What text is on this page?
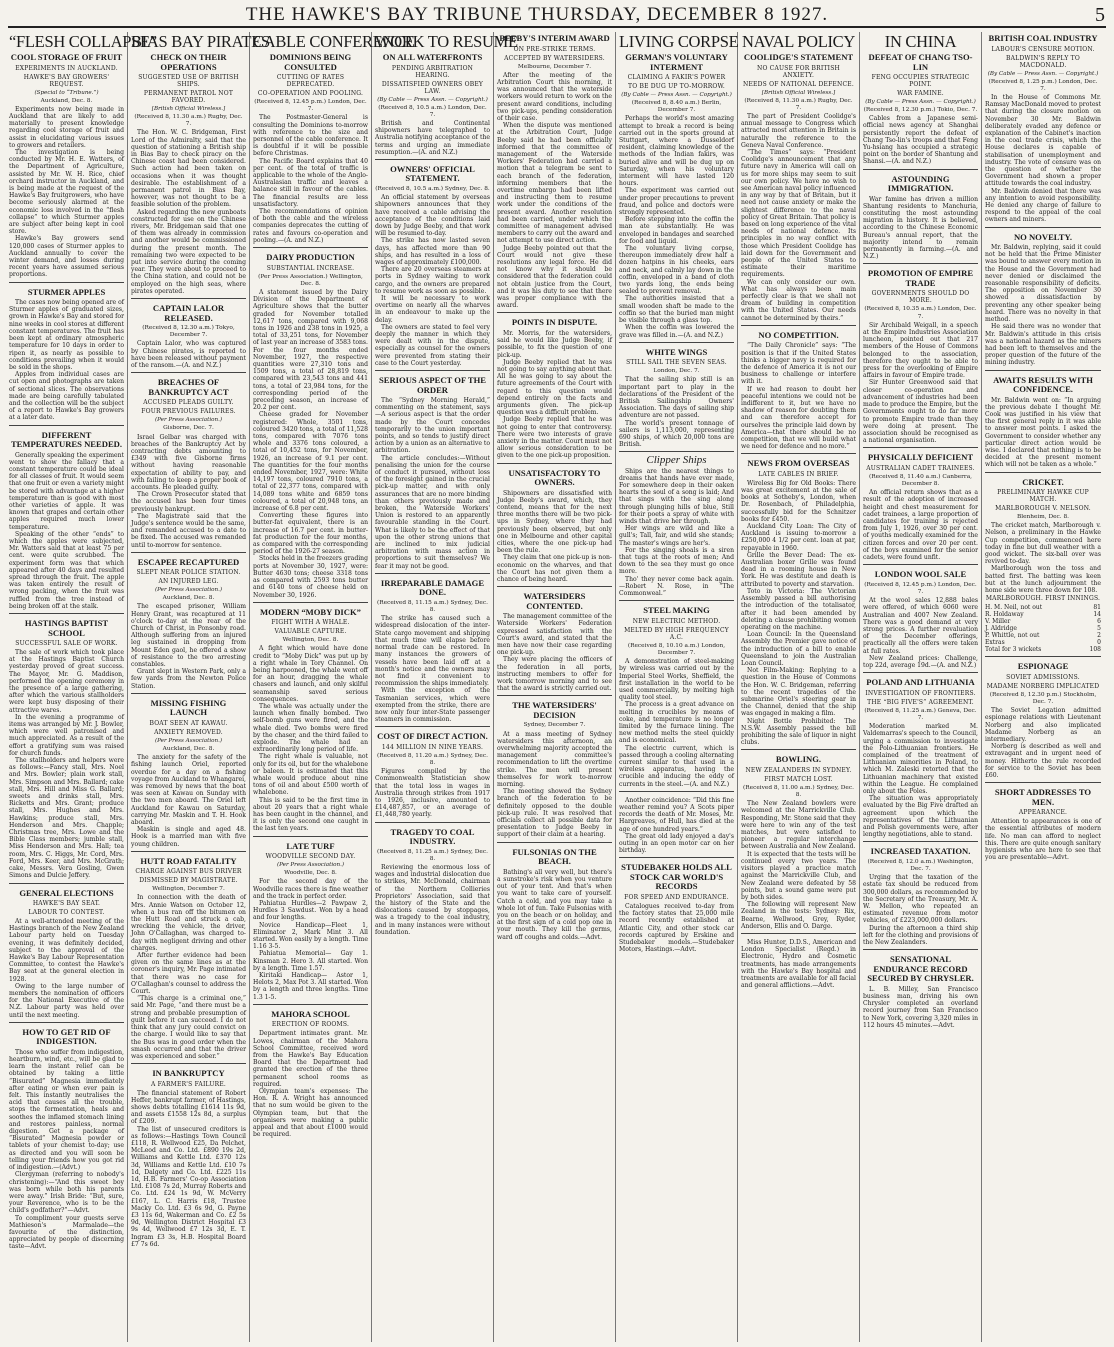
THE HAWKE'S BAY TRIBUNE THURSDAY, DECEMBER 8 1927.	5
“FLESH COLLAPSE”
COOL STORAGE OF FRUIT
EXPERIMENTS IN AUCKLAND.
HAWKE'S BAY GROWERS' REQUEST.
(Special to “Tribune.”)
Auckland, Dec. 8.

Experiments now being made in Auckland that are likely to add materially to present knowledge regarding cool storage of fruit and assist in elucidating various issues to growers and retailers.

The investigation is being conducted by Mr. H. E. Watters, of the Department of Agriculture, assisted by Mr. W. H. Rice, chief orchard instructor in Auckland, and is being made at the request of the Hawke's Bay fruitgrowers, who have become seriously alarmed at the economic loss involved in the “flesh collapse” to which Sturmer apples are subject after being kept in cool store.

Hawke's Bay growers send 120,000 cases of Sturmer apples to Auckland annually to cover the winter demand, and losses during recent years have assumed serious proportions.

STURMER APPLES

The cases now being opened are of Sturmer apples of graduated sizes, grown in Hawke's Bay and stored for nine weeks in cool stores at different constant temperatures. The fruit has been kept at ordinary atmospheric temperature for 10 days in order to ripen it, as nearly as possible to conditions prevailing when it would be sold in the shops.

Apples from individual cases are cut open and photographs are taken of sectional slices. The observations made are being carefully tabulated and the collection will be the subject of a report to Hawke's Bay growers at a later date.

DIFFERENT TEMPERATURES NEEDED.

Generally speaking the experiment went to show the fallacy that a constant temperature could be ideal for all classes of fruit. It would seem that one fruit or even a variety might be stored with advantage at a higher temperature than is good with most other varieties of apple. It was known that grapes and certain other apples required much lower temperature.

Speaking of the other “ends” to which the apples were subjected, Mr. Watters said that at least 75 per cent. were quite scrubbed. The experiment form was that which appeared after 40 days and resulted spread through the fruit. The apple was taken entirely the result of wrong packing, when the fruit was ruffled from the tree instead of being broken off at the stalk.

HASTINGS BAPTIST SCHOOL
SUCCESSFUL SALE OF WORK.

The sale of work which took place at the Hastings Baptist Church yesterday proved of great success. The Mayor, Mr. G. Maddison, performed the opening ceremony in the presence of a large gathering, after which the various stallholders were kept busy disposing of their attractive wares.

In the evening a programme of items was arranged by Mr. J. Bowler, which were well patronised and much appreciated. As a result of the effort a gratifying sum was raised for church funds.

The stallholders and helpers were as follows:—Fancy stall, Mrs. Noel and Mrs. Bowler; plain work stall, Mrs. Simpson and Mrs. Ballard; cake stall, Mrs. Hill and Miss G. Ballard; sweets and drinks stall, Mrs. Ricketts and Mrs. Grant; produce stall, Mrs. Hughes and Mrs. Hawkins; produce stall, Mrs. Henderson and Mrs. Chapple; Christmas tree, Mrs. Lowe and the Bible Class members; jumble stall, Miss Henderson and Mrs. Hall; tea room, Mrs. C. Higgs, Mr. Cord, Mrs. Ford, Mrs. Keer, and Mrs. McGrath; cake, Messrs. Vera Gosling, Gwen Simons and Dulcie Jeffery.

GENERAL ELECTIONS
HAWKE'S BAY SEAT.
LABOUR TO CONTEST.

At a well-attended meeting of the Hastings branch of the New Zealand Labour party held on Tuesday evening, it was definitely decided, subject to the approval of the Hawke's Bay Labour Representation Committee, to contest the Hawke's Bay seat at the general election in 1928.

Owing to the large number of members the nomination of officers for the National Executive of the N.Z. Labour party was held over until the next meeting.

HOW TO GET RID OF INDIGESTION.

Those who suffer from indigestion, heartburn, wind, etc., will be glad to learn the instant relief can be obtained by taking a little “Bisurated” Magnesia immediately after eating or when ever pain is felt. This instantly neutralises the acid that causes all the trouble, stops the fermentation, heals and soothes the inflamed stomach lining and restores painless, normal digestion. Get a package of “Bisurated” Magnesia powder or tablets of your chemist to-day; use as directed and you will soon be telling your friends how you got rid of indigestion.—(Advt.)

Clergyman (referring to nobody's christening):—“And this sweet boy was born while both his parents were away.” Irish Bride: “But, sure, your Reverence, who is to be the child's godfather?”—Advt.

To compliment your guests serve Mathieson's Marmalade—the favourite of the distinction, appreciated by people of discerning taste—Advt.

BIAS BAY PIRATES
CHECK ON THEIR OPERATIONS
SUGGESTED USE OF BRITISH SHIPS.
PERMANENT PATROL NOT FAVORED.
[British Official Wireless.]
(Received 8, 11.30 a.m.) Rugby, Dec. 7.

The Hon. W. C. Bridgeman, First Lord of the Admiralty, said that the question of stationing a British ship in Bias Bay to check piracy on the Chinese coast had been considered. Such action had been taken on occasions when it was thought desirable. The establishment of a permanent patrol in Bias Bay, however, was not thought to be a feasible solution of the problem.

Asked regarding the new gunboats constructed for use on the Chinese rivers, Mr. Bridgeman said that one of them was already in commission and another would be commissioned during the present month. The remaining two were expected to be put into service during the coming year. They were about to proceed to the China station, and could not be employed on the high seas, where pirates operated.

CAPTAIN LALOR RELEASED.
(Received 8, 12.30 a.m.) Tokyo, December 7.

Captain Lalor, who was captured by Chinese pirates, is reported to have been released without payment of the ransom.—(A. and N.Z.)

BREACHES OF BANKRUPTCY ACT
ACCUSED PLEADS GUILTY.
FOUR PREVIOUS FAILURES.
(Per Press Association.)
Gisborne, Dec. 7.

Israel Gelbar was charged with breaches of the Bankruptcy Act by contracting debts amounting to £349 with five Gisborne firms without having reasonable expectation of ability to pay, and with failing to keep a proper book of accounts. He pleaded guilty.

The Crown Prosecutor stated that the accused has been four times previously bankrupt.

The Magistrate said that the Judge's sentence would be the same, and remanded accused to a date to be fixed. The accused was remanded until to-morrow for sentence.

ESCAPEE RECAPTURED
SLEPT NEAR POLICE STATION.
AN INJURED LEG.
(Per Press Association.)
Auckland, Dec. 8.

The escaped prisoner, William Henry Grant, was recaptured at 11 o'clock to-day at the rear of the Church of Christ, in Ponsonby road. Although suffering from an injured leg sustained in dropping from Mount Eden gaol, he offered a show of resistance to the two arresting constables.

Grant slept in Western Park, only a few yards from the Newton Police Station.

MISSING FISHING LAUNCH
BOAT SEEN AT KAWAU.
ANXIETY REMOVED.
(Per Press Association.)
Auckland, Dec. 8.

The anxiety for the safety of the fishing launch Oriel, reported overdue for a day on a fishing voyage from Auckland to Whangarei, was removed by news that the boat was seen at Kawau on Sunday with the two men aboard. The Oriel left Auckland for Kawau on Saturday, carrying Mr. Maskin and T. H. Hook aboard.

Maskin is single and aged 48. Hook is a married man with five young children.

HUTT ROAD FATALITY
CHARGE AGAINST BUS DRIVER
DISMISSED BY MAGISTRATE.
Wellington, December 7.

In connection with the death of Mrs. Annie Watson on October 12, when a bus ran off the bitumen on the Hutt Road and struck a cab, wrecking the vehicle, the driver, John O'Callaghan, was charged to-day with negligent driving and other charges.

After further evidence had been given on the same lines as at the coroner's inquiry, Mr. Page intimated that there was no case for O'Callaghan's counsel to address the Court.

“This charge is a criminal one,” said Mr. Page, “and there must be a strong and probable presumption of guilt before it can succeed. I do not think that any jury could convict on the charge. I would like to say that the Bus was in good order when the smash occurred and that the driver was experienced and sober.”

IN BANKRUPTCY
A FARMER'S FAILURE.

The financial statement of Robert Heffer, bankrupt farmer, of Hastings, shows debts totalling £1614 11s 9d, and assets £1558 12s 8d, a surplus of £209.

The list of unsecured creditors is as follows:—Hastings Town Council £118, R. Wellwood £25, Da Pelchet, McLeod and Co. Ltd. £890 19s 2d, Williams and Kettle Ltd. £370 12s 3d, Williams and Kettle Ltd. £10 7s 1d, Dalgety and Co. Ltd. £225 11s 1d, H.B. Farmers' Co-op Association Ltd. £108 7s 2d, Murray Roberts and Co. Ltd. £24 1s 9d, W. McVerry £167, L. C. Harris £18, Trustee Macky Co. Ltd. £3 6s 9d, G. Payne £3 11s 6d, Wakerman and Co. £2 5s 9d, Wellington District Hospital £3 9s 4d, Wellwood £7 12s 3d, E. T. Ingram £3 3s, H.B. Hospital Board £7 7s 6d.

CABLE CONFERENCE
DOMINIONS BEING CONSULTED
CUTTING OF RATES DEPRECATED.
CO-OPERATION AND POOLING.
(Received 8, 12.45 p.m.) London, Dec. 7.

The Postmaster-General is consulting the Dominions to-morrow with reference to the size and personnel of the cable conference. It is doubtful if it will be possible before Christmas.

The Pacific Board explains that 40 per cent. of the total of traffic is applicable to the whole of the Anglo-Australasian traffic and leaves a balance still in favour of the cables. The financial results are less unsatisfactory.

The recommendations of opinion of both the cable and the wireless companies deprecates the cutting of rates and favours co-operation and pooling.—(A. and N.Z.)

DAIRY PRODUCTION
SUBSTANTIAL INCREASE.
(Per Press Association.) Wellington, Dec. 8.

A statement issued by the Dairy Division of the Department of Agriculture shows that the butter graded for November totalled 12,617 tons, compared with 9,068 tons in 1926 and 238 tons in 1925, a total of 33,251 tons, for November of last year an increase of 3583 tons. For the four months ended November, 1927, the respective quantities were 27,310 tons and 1509 tons, a total of 28,819 tons, compared with 23,543 tons and 441 tons, a total of 23,984 tons, for the corresponding period of the preceding season, an increase of 20.2 per cent.

Cheese graded for November registered: Whole, 3501 tons, coloured 3420 tons, a total of 11,528 tons, compared with 7076 tons whole and 3376 tons coloured, a total of 10,452 tons, for November, 1926, an increase of 9.1 per cent. The quantities for the four months ended November, 1927, were: White 14,197 tons, coloured 7910 tons, a total of 22,377 tons, compared with 14,089 tons white and 6859 tons coloured, a total of 20,948 tons, an increase of 6.8 per cent.

Converting these figures into butter-fat equivalent, there is an increase of 16.7 per cent. in butter-fat production for the four months, as compared with the corresponding period of the 1926-27 season.

Stocks held in the freezers grading ports at November 30, 1927, were: Butter 4630 tons; cheese 3318 tons as compared with 2593 tons butter and 6140 tons of cheese held on November 30, 1926.

MODERN “MOBY DICK”
FIGHT WITH A WHALE.
VALUABLE CAPTURE.
Wellington, Dec. 8.

A fight which would have done credit to “Moby Dick” was put up by a right whale in Tory Channel. On being harpooned, the whale went off for an hour, dragging the whale chasers and launch, and only skilful seamanship saved serious consequences.

The whale was actually under the launch when finally bombed. Two self-bomb guns were fired, and the whale died. Two bombs were fired by the chaser, and the third failed to explode. The whale had an extraordinarily long period of life.

The right whale is valuable, not only for its oil, but for the whalebone or baleen. It is estimated that this whale would produce about nine tons of oil and about £500 worth of whalebone.

This is said to be the first time in about 20 years that a right whale has been caught in the channel, and it is only the second one caught in the last ten years.

LATE TURF
WOODVILLE SECOND DAY.
(Per Press Association.)
Woodville, Dec. 8.

For the second day of the Woodville races there is fine weather and the track in perfect order.

Pahiatua Hurdles—2 Pawpaw 2, Hurdles 3 Sawdust. Won by a head and four lengths.

Novice Handicap—Fleet 1, Eliminator 2, Mark Mint 3. All started. Won easily by a length. Time 1.16 3-5.

Pahiatua Memorial— Gay 1. Kinsman 2. Hero 3. All started. Won by a length. Time 1.57.

Kiritaki Handicap— Astor 1, Helots 2, Max Pot 3. All started. Won by a length and three lengths. Time 1.3 1-5.

MAHORA SCHOOL
ERECTION OF ROOMS.

Department intimates grant. Mr. Lowes, chairman of the Mahora School Committee, received word from the Hawke's Bay Education Board that the Department had granted the erection of the three permanent school rooms as required.

Olympian team's expenses: The Hon. R. A. Wright has announced that no sum would be given to the Olympian team, but that the organisers were making a public appeal and that about £1000 would be required.

WORK TO RESUME
ON ALL WATERFRONTS
PENDING ARBITRATION HEARING.
DISSATISFIED OWNERS OBEY LAW.
(By Cable — Press Assn. — Copyright.)
(Received 8, 10.5 a.m.) London, Dec. 7.

British and Continental shipowners have telegraphed to Australia notifying acceptance of the terms and urging an immediate resumption.—(A. and N.Z.)

OWNERS' OFFICIAL STATEMENT.
(Received 8, 10.5 a.m.) Sydney, Dec. 8.

An official statement by overseas shipowners announces that they have received a cable advising the acceptance of the conditions laid down by Judge Beeby, and that work will be resumed to-day.

The strike has now lasted seven days, has affected more than 90 ships, and has resulted in a loss of wages of approximately £100,000.

There are 20 overseas steamers at ports in Sydney waiting to work cargo, and the owners are prepared to resume work as soon as possible.

It will be necessary to work overtime on nearly all the wharves in an endeavour to make up the delay.

The owners are stated to feel very deeply the manner in which they were dealt with in the dispute, especially as counsel for the owners were prevented from stating their case to the Court yesterday.

SERIOUS ASPECT OF THE ORDER

The “Sydney Morning Herald,” commenting on the statement, says—A serious aspect is that the order made by the Court concedes temporarily to the union important points, and so tends to justify direct action by a union as an alternative to arbitration.

The article concludes:—Without penalising the union for the course of conduct it pursued, without loss of the foresight gained in the crucial pick-up matter, and with only assurances that are no more binding than others previously made and broken, the Waterside Workers' Union is restored to an apparently favourable standing in the Court. What is likely to be the effect of that upon the other strong unions that are inclined to mix judicial arbitration with mass action in proportions to suit themselves? We fear it may not be good.

IRREPARABLE DAMAGE DONE.
(Received 8, 11.15 a.m.) Sydney, Dec. 8.

The strike has caused such a widespread dislocation of the inter-State cargo movement and shipping that much time will elapse before normal trade can be restored. In many instances the growers of vessels have been laid off at a month's notice and the owners may not find it convenient to recommission the ships immediately.

With the exception of the Tasmanian services, which were exempted from the strike, there are now only four inter-State passenger steamers in commission.

COST OF DIRECT ACTION.
144 MILLION IN NINE YEARS.
(Received 8, 11.20 a.m.) Sydney, Dec. 8.

Figures compiled by the Commonwealth Statistician show that the total loss in wages in Australia through strikes from 1917 to 1926, inclusive, amounted to £14,487,857, or an average of £1,448,780 yearly.

TRAGEDY TO COAL INDUSTRY.
(Received 8, 11.25 a.m.) Sydney, Dec. 8.

Reviewing the enormous loss of wages and industrial dislocation due to strikes, Mr. McDonald, chairman of the Northern Collieries Proprietors' Association, said that the history of the State and the dislocations caused by stoppages, was a tragedy to the coal industry, and in many instances were without foundation.

BEEBY'S INTERIM AWARD
ON PRE-STRIKE TERMS.
ACCEPTED BY WATERSIDERS.
Melbourne, December 7.

After the meeting of the Arbitration Court this morning, it was announced that the waterside workers would return to work on the present award conditions, including two pick-ups, pending consideration of their case.

When the dispute was mentioned at the Arbitration Court, Judge Beeby said he had been officially informed that the committee of management of the Waterside Workers' Federation had carried a motion that a telegram be sent to each branch of the federation, informing members that the overtime embargo had been lifted and instructing them to resume work under the conditions of the present award. Another resolution had been carried, under which the committee of management advised members to carry out the award and not attempt to use direct action.

Judge Beeby pointed out that the Court would not give these resolutions any legal force. He did not know why it should be considered that the federation could not obtain justice from the Court, and it was his duty to see that there was proper compliance with the award.

POINTS IN DISPUTE.

Mr. Morris, for the watersiders, said he would like Judge Beeby, if possible, to fix the question of one pick-up.

Judge Beeby replied that he was not going to say anything about that. All he was going to say about the future agreements of the Court with regard to this question would depend entirely on the facts and arguments given. The pick-up question was a difficult problem.

Judge Beeby replied that he was not going to enter that controversy. There were two interests of grave anxiety in the matter. Court must not allow serious consideration to be given to the one pick-up proposition.

UNSATISFACTORY TO OWNERS.

Shipowners are dissatisfied with Judge Beeby's award, which, they contend, means that for the next three months there will be two pick-ups in Sydney, where they had previously been observed, but only one in Melbourne and other capital cities, where the one pick-up had been the rule.

They claim that one pick-up is non-economic on the wharves, and that the Court has not given them a chance of being heard.

WATERSIDERS CONTENTED.

The management committee of the Waterside Workers' Federation expressed satisfaction with the Court's award, and stated that the men have now their case regarding one pick-up.

They were placing the officers of the federation in all ports, instructing members to offer for work tomorrow morning and to see that the award is strictly carried out.

THE WATERSIDERS' DECISION
Sydney, December 7.

At a mass meeting of Sydney watersiders this afternoon, an overwhelming majority accepted the management committee's recommendation to lift the overtime strike. The men will present themselves for work to-morrow morning.

The meeting showed the Sydney branch of the federation to be definitely opposed to the double pick-up rule. It was resolved that officials collect all possible data for presentation to Judge Beeby in support of their claim at a hearing.

FULSONIAS ON THE BEACH.

Bathing's all very well, but there's a sunstroke's risk when you venture out of your tent. And that's when you want to take care of yourself. Catch a cold, and you may take a whole lot of fun. Take Fulsonias with you on the beach or on holiday, and at the first sign of a cold pop one in your mouth. They kill the germs, ward off coughs and colds.—Advt.

LIVING CORPSE
GERMAN'S VOLUNTARY INTERMENT
CLAIMING A FAKIR'S POWER
TO BE DUG UP TO-MORROW.
(By Cable — Press Assn. — Copyright.)
(Received 8, 8.40 a.m.) Berlin, December 7.

Perhaps the world's most amazing attempt to break a record is being carried out in the sports ground at Stuttgart, where a Dusseldorf resident, claiming knowledge of the methods of the Indian fakirs, was buried alive and will be dug up on Saturday, when his voluntary interment will have lasted 120 hours.

The experiment was carried out under proper precautions to prevent fraud, and police and doctors were strongly represented.

Before stepping into the coffin the man ate substantially. He was enveloped in bandages and searched for food and liquid.

The voluntary living corpse, thereupon immediately drew half a dozen hatpins in his cheeks, ears and neck, and calmly lay down in the coffin, enveloped in a band of cloth two yards long, the ends being sealed to prevent removal.

The authorities insisted that a small wooden shaft be made to the coffin so that the buried man might be visible through a glass top.

When the coffin was lowered the grave was filled in.—(A. and N.Z.)

WHITE WINGS
STILL SAIL THE SEVEN SEAS.
London, Dec. 7.

That the sailing ship still is an important part to play in the declarations of the President of the British Sailingship Owners' Association. The days of sailing ship adventure are not passed.

The world's present tonnage of sailers is 1,113,000, representing 690 ships, of which 20,000 tons are British.

Clipper Ships

Ships are the nearest things to dreams that hands have ever made, For somewhere deep in their oaken hearts the soul of a song is laid; And that sings with the sing along through plunging hills of blue, Still for their poets a spray of white with winds that drive her through.

Her wings are wild and like a gull's; Tall, fair, and wild she stands; The master's wings are her's.

For the singing shoals is a siren that tugs at the roots of men; And down to the sea they must go once more.

Tho' they never come back again. —Robert N. Rose, in “The Commonweal.”

STEEL MAKING
NEW ELECTRIC METHOD.
MELTED BY HIGH FREQUENCY A.C.
(Received 8, 10.10 a.m.) London, December 7.

A demonstration of steel-making by wireless was carried out by the Imperial Steel Works, Sheffield, the first installation in the world to be used commercially, by melting high quality tool steel.

The process is a great advance on melting in crucibles by means of coke, and temperature is no longer limited by the furnace lining. The new method melts the steel quickly and is economical.

The electric current, which is passed through a cooling alternating current similar to that used in a wireless apparatus, having the crucible and inducing the eddy of currents in the steel.—(A. and N.Z.)

Another coincidence: “Did this fine weather remind you? A Scots piper records the death of Mr. Moses, Mr. Hargreaves, of Hull, has died at the age of one hundred years.”

The great old lady enjoyed a day's outing in an open motor car on her birthday.

STUDEBAKER HOLDS ALL STOCK CAR WORLD'S RECORDS
FOR SPEED AND ENDURANCE.

Catalogues received to-day from the factory states that 25,000 mile record recently established at Atlantic City, and other stock car records captured by Erskine and Studebaker models.—Studebaker Motors, Hastings.—Advt.

NAVAL POLICY
COOLIDGE'S STATEMENT
NO CAUSE FOR BRITISH ANXIETY.
NEEDS OF NATIONAL DEFENCE.
[British Official Wireless.]
(Received 8, 11.30 a.m.) Rugby, Dec. 7.

The part of President Coolidge's annual message to Congress which attracted most attention in Britain is naturally the reference to the Geneva Naval Conference.

“The Times” says: “President Coolidge's announcement that any future navy in America will call on us for more ships may seem to suit our own policy. We have no wish to see American naval policy influenced in any way by that of Britain, but it need not cause anxiety or make the slightest difference to the naval policy of Great Britain. That policy is based on long experience of the vital needs of national defence. Its principles in no way conflict with those which President Coolidge has laid down for the Government and people of the United States to estimate their maritime requirements.

We can only consider our own. What has always been main perfectly clear is that we shall not dream of building in competition with the United States. Our needs cannot be determined by theirs.”

NO COMPETITION.

“The Daily Chronicle” says: “The position is that if the United States thinks a bigger navy is required for the defence of America it is not our business to challenge or interfere with it.

If we had reason to doubt her peaceful intentions we could not be indifferent to it, but we have no shadow of reason for doubting them and can therefore accept for ourselves the principle laid down by America—that there should be no competition, that we will build what we need for defence and no more.”

NEWS FROM OVERSEAS
LATE CABLES IN BRIEF.

Wireless Big for Old Books: There was great excitement at the sale of books at Sotheby's, London, when Dr. Rosenbach, of Philadelphia, successfully bid for the Schnitzer books for £450.

Auckland City Loan: The City of Auckland is issuing to-morrow a £250,000 4 1/2 per cent. loan at par, repayable in 1960.

Grille the Bever Dead: The ex-Australian boxer Grille was found dead in a rooming house in New York. He was destitute and death is attributed to poverty and starvation.

Toto in Victoria: The Victorian Assembly passed a bill authorising the introduction of the totalisator, after it had been amended by deleting a clause prohibiting women operating on the machine.

Loan Council: In the Queensland Assembly the Premier gave notice of the introduction of a bill to enable Queensland to join the Australian Loan Council.

Not Film-Making: Replying to a question in the House of Commons the Hon. W. C. Bridgeman, referring to the recent tragedies of the submarine Oriel's steering gear in the Channel, denied that the ship was engaged in making a film.

Night Bottle Prohibited: The N.S.W. Assembly passed the bill prohibiting the sale of liquor in night clubs.

BOWLING.
NEW ZEALANDERS IN SYDNEY.
FIRST MATCH LOST.
(Received 8, 11.00 a.m.) Sydney, Dec. 8.

The New Zealand bowlers were welcomed at the Marrickville Club. Responding, Mr. Stone said that they were here to win any of the test matches, but were satisfied to pioneer a regular interchange between Australia and New Zealand.

It is expected that the tests will be continued every two years. The visitors played a practice match against the Marrickville Club, and New Zealand were defeated by 58 points, but a sound game were put by both sides.

The following will represent New Zealand in the tests: Sydney: Rix, Bearne, Wellwood, Grey, Ryder, Anderson, Ellis and O. Darge.

Miss Hunter, D.D.S., American and London Specialist (Regd.) in Electronic, Hydro and Cosmetic treatments, has made arrangements with the Hawke's Bay hospital and treatments are available for all facial and general afflictions.—Advt.

IN CHINA
DEFEAT OF CHANG TSO-LIN
FENG OCCUPIES STRATEGIC POINT.
WAR FAMINE.
(By Cable — Press Assn. — Copyright.)
(Received 8, 12.30 p.m.) Tokio, Dec. 7.

Cables from a Japanese semi-official news agency at Shanghai persistently report the defeat of Chang Tso-lin's troops and that Feng Yu-hsiang has occupied a strategic point on the border of Shantung and Shansi.—(A. and N.Z.)

ASTOUNDING IMMIGRATION.

War famine has driven a million Shantung residents to Manchuria, constituting the most astounding migration in history. It is believed, according to the Chinese Economic Bureau's annual report, that the majority intend to remain permanently in farming.—(A. and N.Z.)

PROMOTION OF EMPIRE TRADE
GOVERNMENTS SHOULD DO MORE.
(Received 8, 10.35 a.m.) London, Dec. 7.

Sir Archibald Weigall, in a speech at the Empire Industries Association luncheon, pointed out that 217 members of the House of Commons belonged to the association, therefore they ought to be able to press for the overlooking of Empire affairs in favour of Empire trade.

Sir Hunter Greenwood said that closer co-operation and advancement of industries had been made to produce the Empire, but the Governments ought to do far more to promote Empire trade than they were doing at present. The association should be recognised as a national organisation.

PHYSICALLY DEFICIENT
AUSTRALIAN CADET TRAINEES.
(Received 8, 11.40 a.m.) Canberra, December 8.

An official return shows that as a result of the adoption of increased height and chest measurement for cadet trainees, a large proportion of candidates for training is rejected from July 1, 1926, over 30 per cent. of youths medically examined for the citizen forces and over 20 per cent. of the boys examined for the senior cadets, were found unfit.

LONDON WOOL SALE
(Received 8, 12.45 p.m.) London, Dec. 7.

At the wool sales 12,888 bales were offered, of which 6060 were Australian and 4007 New Zealand. There was a good demand at very strong prices. A further revaluation of the December offerings, practically all the offers were taken at full rates.

New Zealand prices: Challenge, top 22d, average 19d.—(A. and N.Z.)

POLAND AND LITHUANIA
INVESTIGATION OF FRONTIERS.
THE “BIG FIVE'S” AGREEMENT.
(Received 8, 11.25 a.m.) Geneva, Dec. 7.

Moderation marked M. Valdemarras's speech to the Council, urging a commission to investigate the Polo-Lithuanian frontiers. He complained of the treatment of Lithuanian minorities in Poland, to which M. Zaleski retorted that the Lithuanian machinery that existed within the League. He complained only about the Poles.

The situation was appropriately evaluated by the Big Five drafted an agreement upon which the representatives of the Lithuanian and Polish governments were, after lengthy negotiations, able to stand.

INCREASED TAXATION.
(Received 8, 12.0 a.m.) Washington, Dec. 7.

Urging that the taxation of the estate tax should be reduced from 300,000 dollars, as recommended by the Secretary of the Treasury, Mr. A. W. Mellon, who repeated an estimated revenue from motor vehicles, of £223,000,000 dollars.

During the afternoon a third ship left for the clothing and provisions of the New Zealanders.

SENSATIONAL ENDURANCE RECORD SECURED BY CHRYSLER.

L. B. Milley, San Francisco business man, driving his own Chrysler completed an overland record journey from San Francisco to New York, covering 3,320 miles in 112 hours 45 minutes.—Advt.

BRITISH COAL INDUSTRY
LABOUR'S CENSURE MOTION.
BALDWIN'S REPLY TO MACDONALD.
(By Cable — Press Assn. — Copyright.)
(Received 8, 1.25 p.m.) London, Dec. 7.

In the House of Commons Mr. Ramsay MacDonald moved to protest that during the closure motion on November 30 Mr. Baldwin deliberately evaded any defence or explanation of the Cabinet's inaction in the coal trade crisis, which the House declares is capable of stabilisation of unemployment and industry. The vote of censure was on the question of whether the Government had shown a proper attitude towards the coal industry.

Mr. Baldwin denied that there was any intention to avoid responsibility. He denied any charge of failure to respond to the appeal of the coal owners and miners.

NO NOVELTY.

Mr. Baldwin, replying, said it could not be held that the Prime Minister was bound to answer every motion in the House and the Government had never denied or disclaimed the reasonable responsibility of deficits. The opposition on November 30 showed a dissatisfaction by preventing any other speaker being heard. There was no novelty in that method.

He said there was no wonder that Mr. Baldwin's attitude in this crisis was a national hazard as the miners had been left to themselves and the proper question of the future of the mining industry.

AWAITS RESULTS WITH CONFIDENCE.

Mr. Baldwin went on: “In arguing the previous debate I thought Mr. Cook was justified in his view that the first general reply in it was able to answer most points. I asked the Government to consider whether any particular direct action would be wise. I declared that nothing is to be decided at the present moment which will not be taken as a whole.”

CRICKET.
PRELIMINARY HAWKE CUP MATCH.
MARLBOROUGH V. NELSON.
Blenheim, Dec. 8.

The cricket match, Marlborough v. Nelson, a preliminary in the Hawke Cup competition, commenced here today in fine but dull weather with a good wicket. The six-ball over was revived to-day.

Marlborough won the toss and batted first. The batting was keen but at the lunch adjournment the home side were three down for 108.

MARLBOROUGH. FIRST INNINGS.
H. M. Neil, not out	81
R. Holdaway	14
V. Miller	6
J. Aldridge	5
P. Whittle, not out	2
Extras	0
Total for 3 wickets	108
ESPIONAGE
SOVIET ADMISSIONS.
MADAME NORBERG IMPLICATED
(Received 8, 12.30 p.m.) Stockholm, Dec. 7.

The Soviet Legation admitted espionage relations with Lieutenant Norberg and also implicated Madame Norberg as an intermediary.

Norberg is described as well and extravagant and in urgent need of money. Hitherto the rule recorded for service to the Soviet has been £60.

SHORT ADDRESSES TO MEN.
APPEARANCE.

Attention to appearances is one of the essential attributes of modern life. No man can afford to neglect this. There are quite enough sanitary hygienists who are here to see that you are presentable—Advt.
